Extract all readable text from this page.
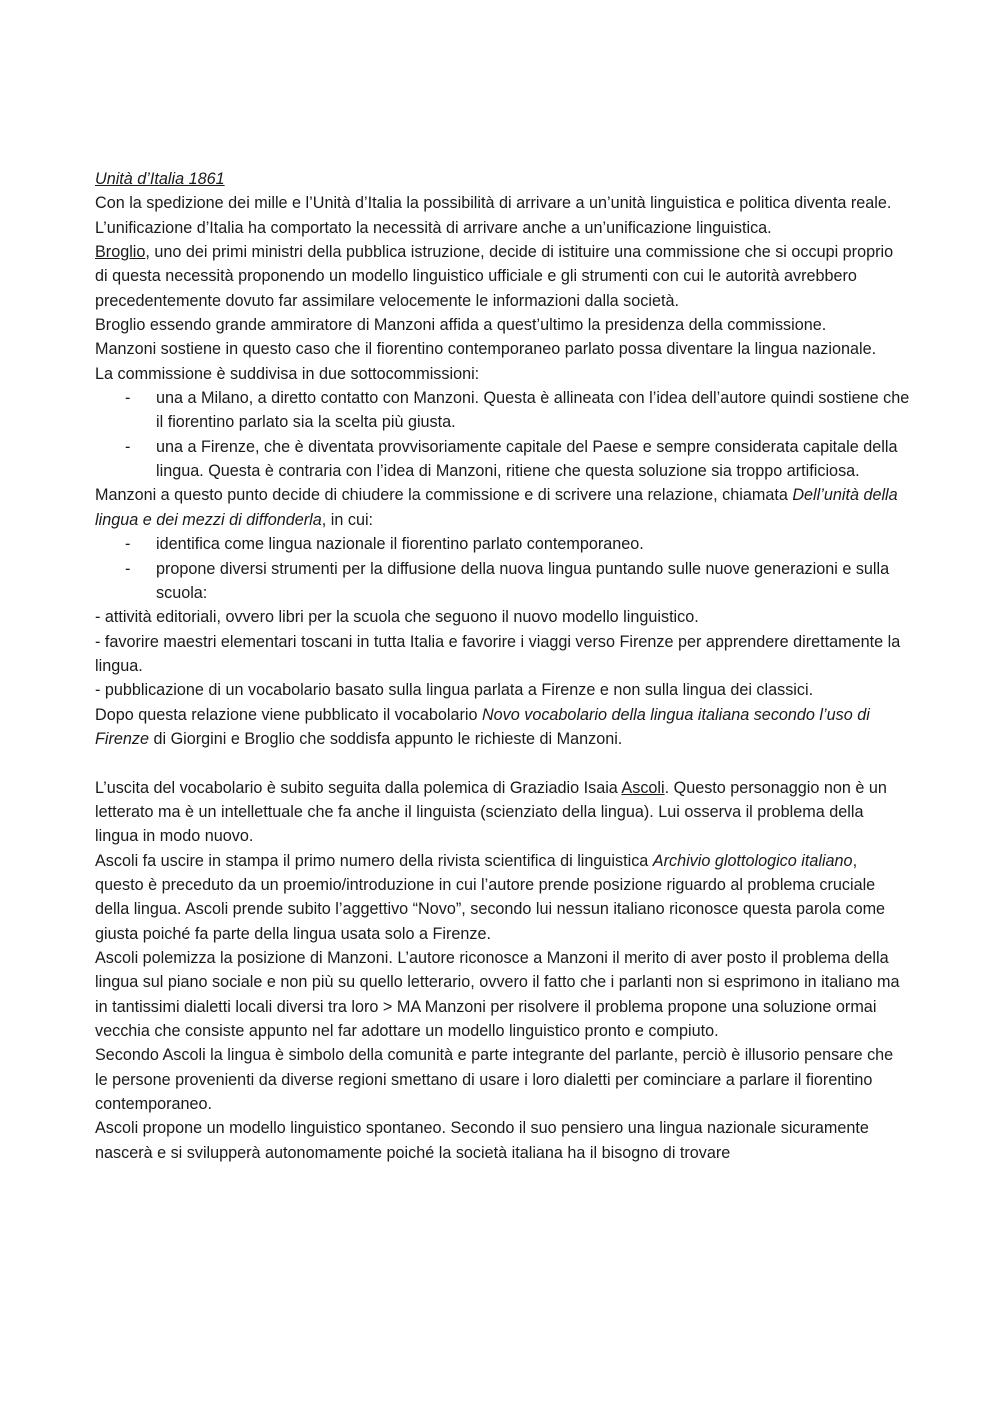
Unità d’Italia 1861

Con la spedizione dei mille e l’Unità d’Italia la possibilità di arrivare a un’unità linguistica e politica diventa reale.

L’unificazione d’Italia ha comportato la necessità di arrivare anche a un’unificazione linguistica.

Broglio, uno dei primi ministri della pubblica istruzione, decide di istituire una commissione che si occupi proprio di questa necessità proponendo un modello linguistico ufficiale e gli strumenti con cui le autorità avrebbero precedentemente dovuto far assimilare velocemente le informazioni dalla società.

Broglio essendo grande ammiratore di Manzoni affida a quest’ultimo la presidenza della commissione.

Manzoni sostiene in questo caso che il fiorentino contemporaneo parlato possa diventare la lingua nazionale.

La commissione è suddivisa in due sottocommissioni:

- una a Milano, a diretto contatto con Manzoni. Questa è allineata con l’idea dell’autore quindi sostiene che il fiorentino parlato sia la scelta più giusta.
- una a Firenze, che è diventata provvisoriamente capitale del Paese e sempre considerata capitale della lingua. Questa è contraria con l’idea di Manzoni, ritiene che questa soluzione sia troppo artificiosa.

Manzoni a questo punto decide di chiudere la commissione e di scrivere una relazione, chiamata Dell’unità della lingua e dei mezzi di diffonderla, in cui:

- identifica come lingua nazionale il fiorentino parlato contemporaneo.
- propone diversi strumenti per la diffusione della nuova lingua puntando sulle nuove generazioni e sulla scuola:

- attività editoriali, ovvero libri per la scuola che seguono il nuovo modello linguistico.

- favorire maestri elementari toscani in tutta Italia e favorire i viaggi verso Firenze per apprendere direttamente la lingua.

- pubblicazione di un vocabolario basato sulla lingua parlata a Firenze e non sulla lingua dei classici.

Dopo questa relazione viene pubblicato il vocabolario Novo vocabolario della lingua italiana secondo l’uso di Firenze di Giorgini e Broglio che soddisfa appunto le richieste di Manzoni.

L’uscita del vocabolario è subito seguita dalla polemica di Graziadio Isaia Ascoli. Questo personaggio non è un letterato ma è un intellettuale che fa anche il linguista (scienziato della lingua). Lui osserva il problema della lingua in modo nuovo.

Ascoli fa uscire in stampa il primo numero della rivista scientifica di linguistica Archivio glottologico italiano, questo è preceduto da un proemio/introduzione in cui l’autore prende posizione riguardo al problema cruciale della lingua. Ascoli prende subito l’aggettivo “Novo”, secondo lui nessun italiano riconosce questa parola come giusta poiché fa parte della lingua usata solo a Firenze.

Ascoli polemizza la posizione di Manzoni. L’autore riconosce a Manzoni il merito di aver posto il problema della lingua sul piano sociale e non più su quello letterario, ovvero il fatto che i parlanti non si esprimono in italiano ma in tantissimi dialetti locali diversi tra loro > MA Manzoni per risolvere il problema propone una soluzione ormai vecchia che consiste appunto nel far adottare un modello linguistico pronto e compiuto.

Secondo Ascoli la lingua è simbolo della comunità e parte integrante del parlante, perciò è illusorio pensare che le persone provenienti da diverse regioni smettano di usare i loro dialetti per cominciare a parlare il fiorentino contemporaneo.

Ascoli propone un modello linguistico spontaneo. Secondo il suo pensiero una lingua nazionale sicuramente nascerà e si svilupperà autonomamente poiché la società italiana ha il bisogno di trovare
